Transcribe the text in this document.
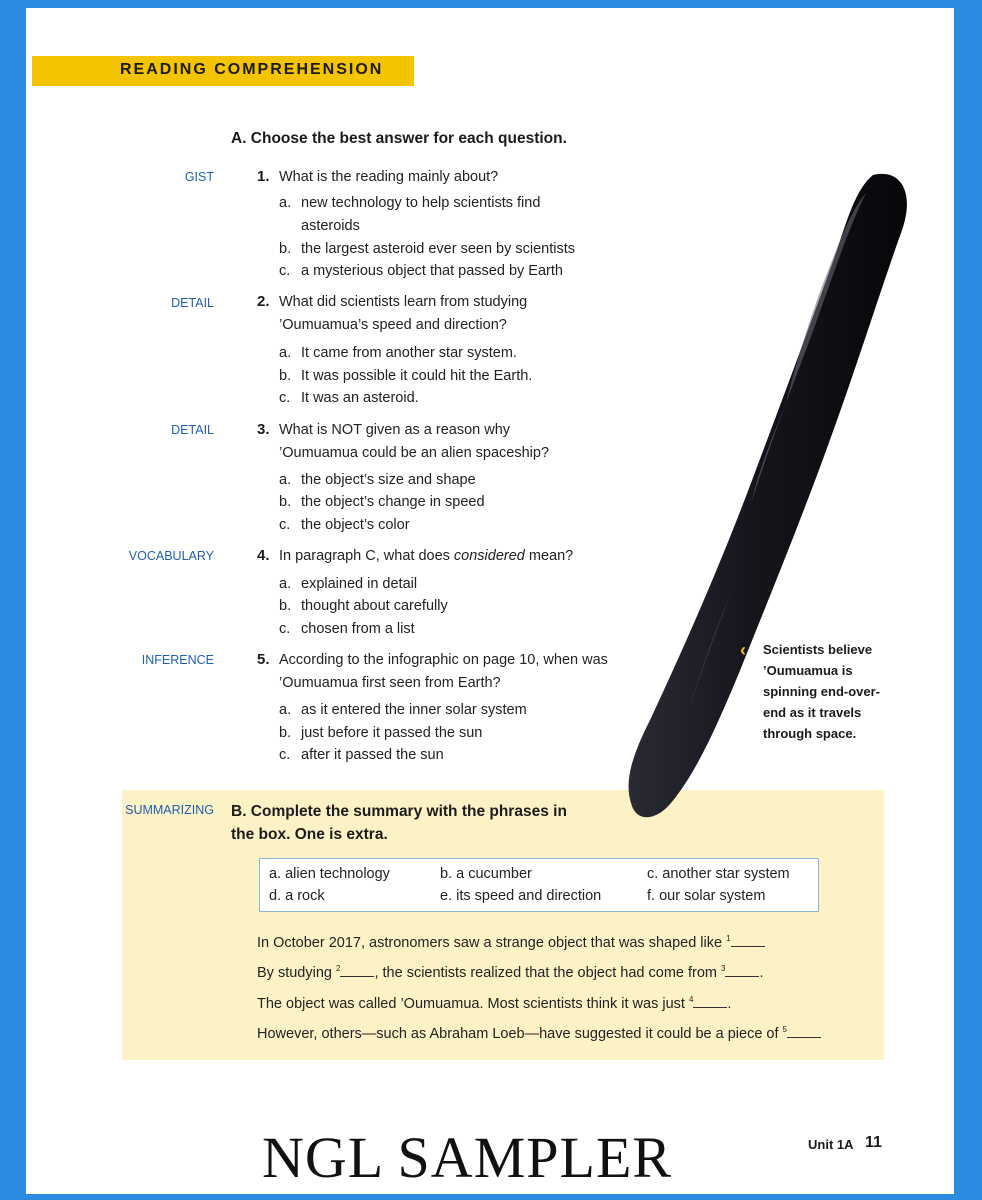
READING COMPREHENSION
A. Choose the best answer for each question.
GIST	1. What is the reading mainly about?
a. new technology to help scientists find
asteroids
b. the largest asteroid ever seen by scientists
c. a mysterious object that passed by Earth
DETAIL	2. What did scientists learn from studying ’Oumuamua’s speed and direction?
a. It came from another star system.
b. It was possible it could hit the Earth.
c. It was an asteroid.
DETAIL	3. What is NOT given as a reason why ’Oumuamua could be an alien spaceship?
a. the object’s size and shape
b. the object’s change in speed
c. the object’s color
VOCABULARY	4. In paragraph C, what does considered mean?
a. explained in detail
b. thought about carefully
c. chosen from a list
INFERENCE	5. According to the infographic on page 10, when was ’Oumuamua first seen from Earth?
a. as it entered the inner solar system
b. just before it passed the sun
c. after it passed the sun
‹ Scientists believe ’Oumuamua is spinning end-over-end as it travels through space.
SUMMARIZING B. Complete the summary with the phrases in the box. One is extra.
a. alien technology	b. a cucumber	c. another star system
d. a rock	e. its speed and direction	f. our solar system
In October 2017, astronomers saw a strange object that was shaped like $^1$
By studying $^2$ , the scientists realized that the object had come from $^3$ .
The object was called ’Oumuamua. Most scientists think it was just $^4$ .
However, others—such as Abraham Loeb—have suggested it could be a piece of $^5$
NGL SAMPLER	Unit 1A 11
